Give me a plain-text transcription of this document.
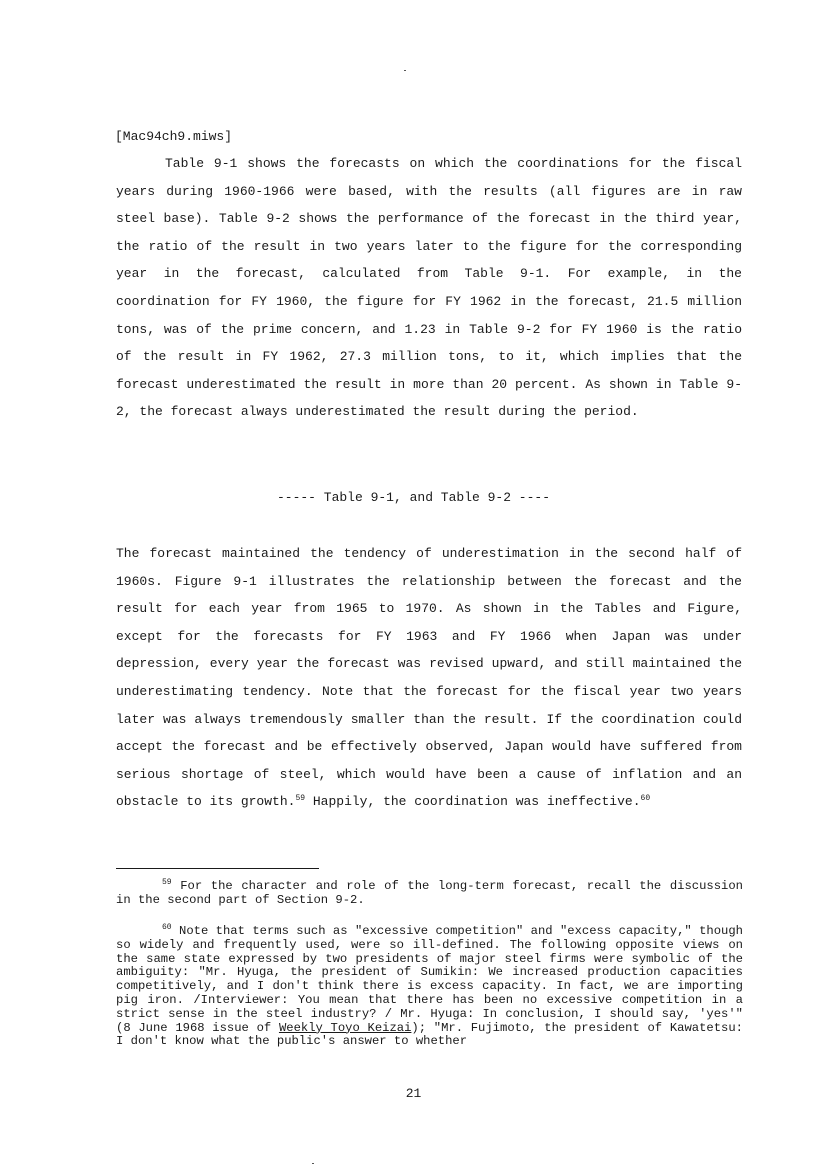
[Mac94ch9.miws]

Table 9-1 shows the forecasts on which the coordinations for the fiscal years during 1960-1966 were based, with the results (all figures are in raw steel base). Table 9-2 shows the performance of the forecast in the third year, the ratio of the result in two years later to the figure for the corresponding year in the forecast, calculated from Table 9-1. For example, in the coordination for FY 1960, the figure for FY 1962 in the forecast, 21.5 million tons, was of the prime concern, and 1.23 in Table 9-2 for FY 1960 is the ratio of the result in FY 1962, 27.3 million tons, to it, which implies that the forecast underestimated the result in more than 20 percent. As shown in Table 9-2, the forecast always underestimated the result during the period.

----- Table 9-1, and Table 9-2 ----

The forecast maintained the tendency of underestimation in the second half of 1960s. Figure 9-1 illustrates the relationship between the forecast and the result for each year from 1965 to 1970. As shown in the Tables and Figure, except for the forecasts for FY 1963 and FY 1966 when Japan was under depression, every year the forecast was revised upward, and still maintained the underestimating tendency. Note that the forecast for the fiscal year two years later was always tremendously smaller than the result. If the coordination could accept the forecast and be effectively observed, Japan would have suffered from serious shortage of steel, which would have been a cause of inflation and an obstacle to its growth.$^{59}$ Happily, the coordination was ineffective.$^{60}$

$^{59}$ For the character and role of the long-term forecast, recall the discussion in the second part of Section 9-2.

$^{60}$ Note that terms such as "excessive competition" and "excess capacity," though so widely and frequently used, were so ill-defined. The following opposite views on the same state expressed by two presidents of major steel firms were symbolic of the ambiguity: "Mr. Hyuga, the president of Sumikin: We increased production capacities competitively, and I don't think there is excess capacity. In fact, we are importing pig iron. /Interviewer: You mean that there has been no excessive competition in a strict sense in the steel industry? / Mr. Hyuga: In conclusion, I should say, 'yes'" (8 June 1968 issue of Weekly Toyo Keizai); "Mr. Fujimoto, the president of Kawatetsu: I don't know what the public's answer to whether

21
